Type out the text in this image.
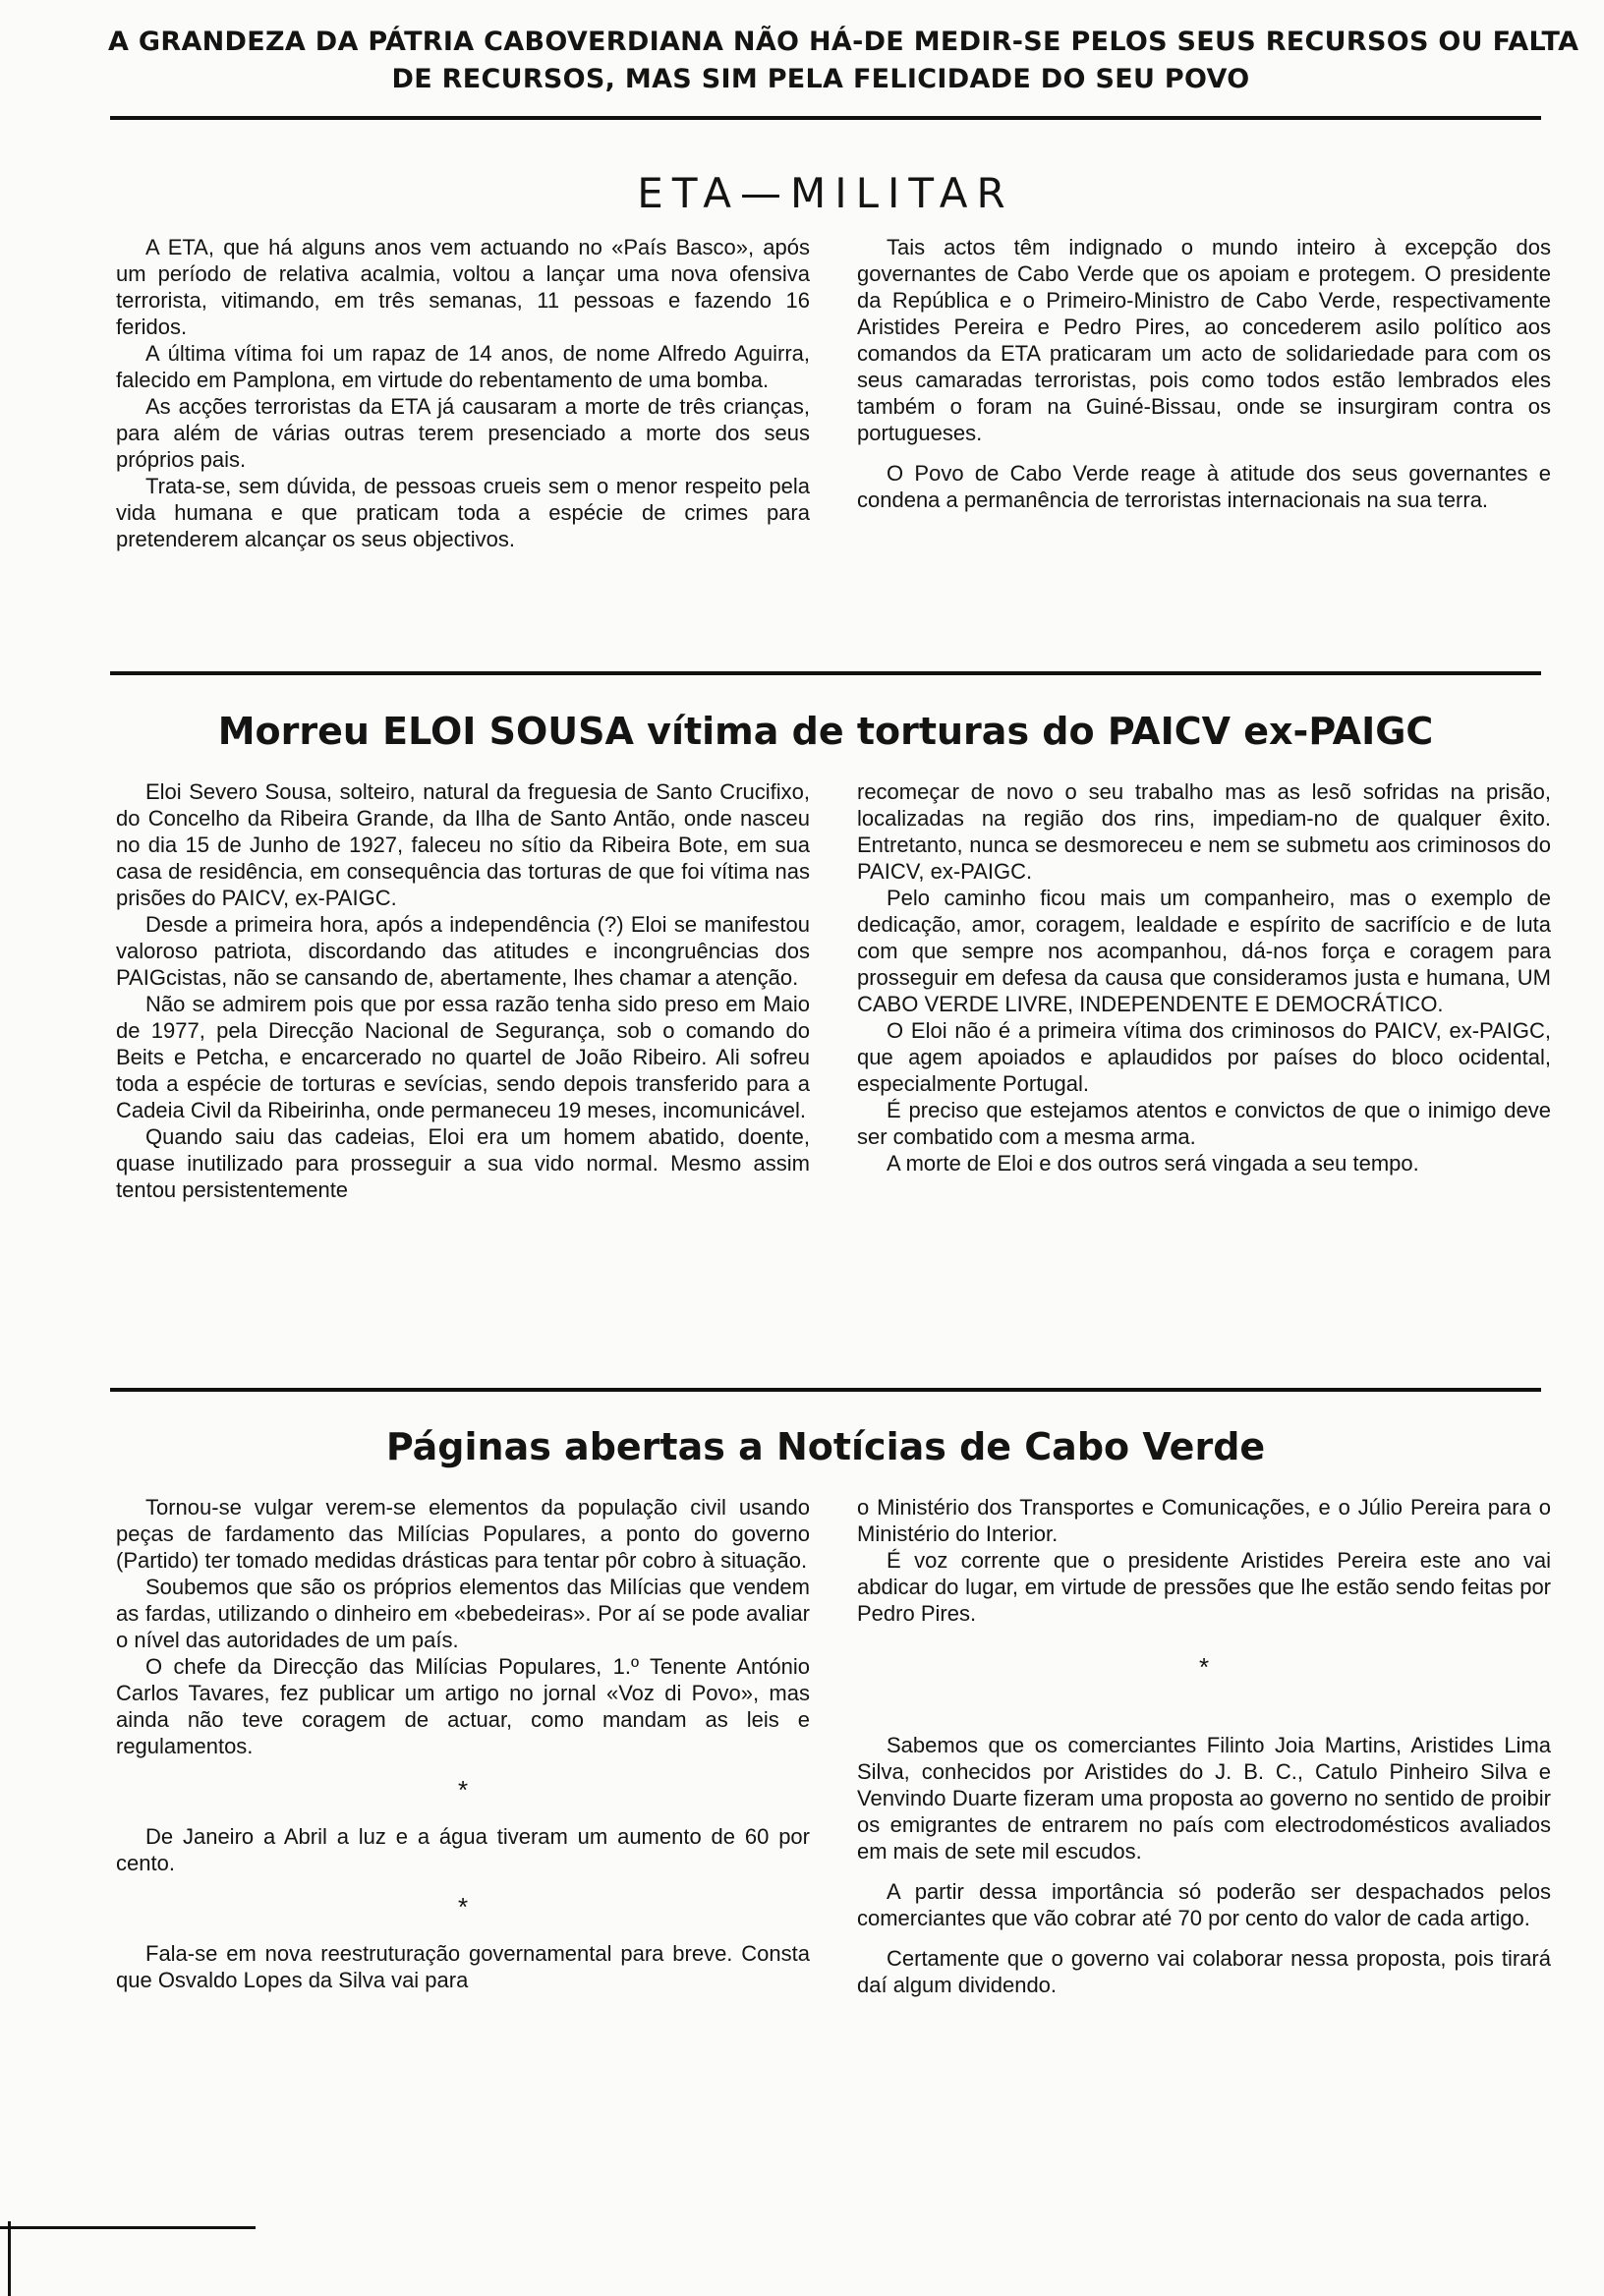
A GRANDEZA DA PÁTRIA CABOVERDIANA NÃO HÁ-DE MEDIR-SE PELOS SEUS RECURSOS OU FALTA
DE RECURSOS, MAS SIM PELA FELICIDADE DO SEU POVO
ETA—MILITAR

A ETA, que há alguns anos vem actuando no «País Basco», após um período de relativa acalmia, voltou a lançar uma nova ofensiva terrorista, vitimando, em três semanas, 11 pessoas e fazendo 16 feridos.

A última vítima foi um rapaz de 14 anos, de nome Alfredo Aguirra, falecido em Pamplona, em virtude do rebentamento de uma bomba.

As acções terroristas da ETA já causaram a morte de três crianças, para além de várias outras terem presenciado a morte dos seus próprios pais.

Trata-se, sem dúvida, de pessoas crueis sem o menor respeito pela vida humana e que praticam toda a espécie de crimes para pretenderem alcançar os seus objectivos.

Tais actos têm indignado o mundo inteiro à excepção dos governantes de Cabo Verde que os apoiam e protegem. O presidente da República e o Primeiro-Ministro de Cabo Verde, respectivamente Aristides Pereira e Pedro Pires, ao concederem asilo político aos comandos da ETA praticaram um acto de solidariedade para com os seus camaradas terroristas, pois como todos estão lembrados eles também o foram na Guiné-Bissau, onde se insurgiram contra os portugueses.

O Povo de Cabo Verde reage à atitude dos seus governantes e condena a permanência de terroristas internacionais na sua terra.

Morreu ELOI SOUSA vítima de torturas do PAICV ex-PAIGC

Eloi Severo Sousa, solteiro, natural da freguesia de Santo Crucifixo, do Concelho da Ribeira Grande, da Ilha de Santo Antão, onde nasceu no dia 15 de Junho de 1927, faleceu no sítio da Ribeira Bote, em sua casa de residência, em consequência das torturas de que foi vítima nas prisões do PAICV, ex-PAIGC.

Desde a primeira hora, após a independência (?) Eloi se manifestou valoroso patriota, discordando das atitudes e incongruências dos PAIGcistas, não se cansando de, abertamente, lhes chamar a atenção.

Não se admirem pois que por essa razão tenha sido preso em Maio de 1977, pela Direcção Nacional de Segurança, sob o comando do Beits e Petcha, e encarcerado no quartel de João Ribeiro. Ali sofreu toda a espécie de torturas e sevícias, sendo depois transferido para a Cadeia Civil da Ribeirinha, onde permaneceu 19 meses, incomunicável.

Quando saiu das cadeias, Eloi era um homem abatido, doente, quase inutilizado para prosseguir a sua vido normal. Mesmo assim tentou persistentemente

recomeçar de novo o seu trabalho mas as lesõ sofridas na prisão, localizadas na região dos rins, impediam-no de qualquer êxito. Entretanto, nunca se desmoreceu e nem se submetu aos criminosos do PAICV, ex-PAIGC.

Pelo caminho ficou mais um companheiro, mas o exemplo de dedicação, amor, coragem, lealdade e espírito de sacrifício e de luta com que sempre nos acompanhou, dá-nos força e coragem para prosseguir em defesa da causa que consideramos justa e humana, UM CABO VERDE LIVRE, INDEPENDENTE E DEMOCRÁTICO.

O Eloi não é a primeira vítima dos criminosos do PAICV, ex-PAIGC, que agem apoiados e aplaudidos por países do bloco ocidental, especialmente Portugal.

É preciso que estejamos atentos e convictos de que o inimigo deve ser combatido com a mesma arma.

A morte de Eloi e dos outros será vingada a seu tempo.

Páginas abertas a Notícias de Cabo Verde

Tornou-se vulgar verem-se elementos da população civil usando peças de fardamento das Milícias Populares, a ponto do governo (Partido) ter tomado medidas drásticas para tentar pôr cobro à situação.

Soubemos que são os próprios elementos das Milícias que vendem as fardas, utilizando o dinheiro em «bebedeiras». Por aí se pode avaliar o nível das autoridades de um país.

O chefe da Direcção das Milícias Populares, 1.º Tenente António Carlos Tavares, fez publicar um artigo no jornal «Voz di Povo», mas ainda não teve coragem de actuar, como mandam as leis e regulamentos.

*

De Janeiro a Abril a luz e a água tiveram um aumento de 60 por cento.

*

Fala-se em nova reestruturação governamental para breve. Consta que Osvaldo Lopes da Silva vai para

o Ministério dos Transportes e Comunicações, e o Júlio Pereira para o Ministério do Interior.

É voz corrente que o presidente Aristides Pereira este ano vai abdicar do lugar, em virtude de pressões que lhe estão sendo feitas por Pedro Pires.

*

Sabemos que os comerciantes Filinto Joia Martins, Aristides Lima Silva, conhecidos por Aristides do J. B. C., Catulo Pinheiro Silva e Venvindo Duarte fizeram uma proposta ao governo no sentido de proibir os emigrantes de entrarem no país com electrodomésticos avaliados em mais de sete mil escudos.

A partir dessa importância só poderão ser despachados pelos comerciantes que vão cobrar até 70 por cento do valor de cada artigo.

Certamente que o governo vai colaborar nessa proposta, pois tirará daí algum dividendo.
